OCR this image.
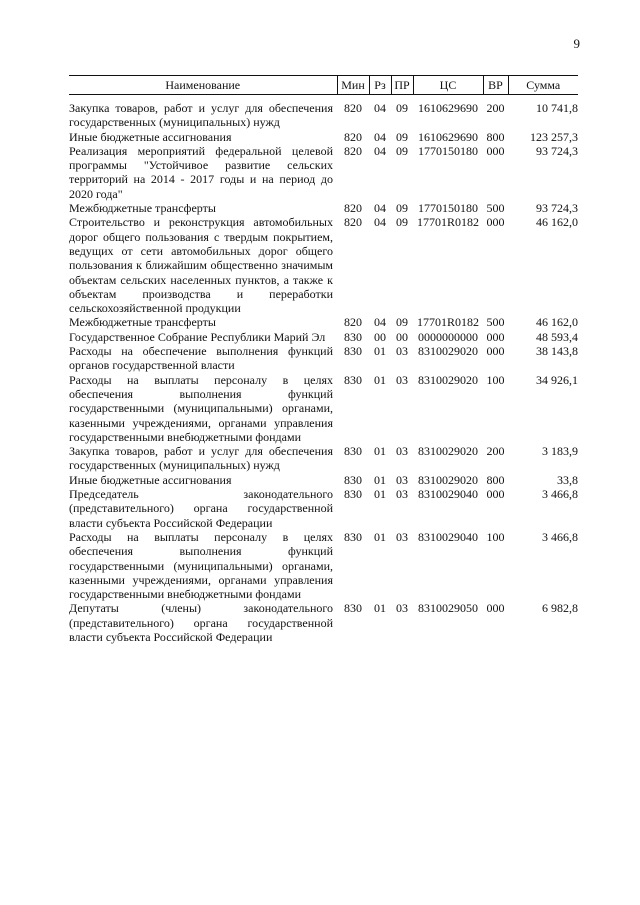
9
Наименование	Мин	Рз	ПР	ЦС	ВР	Сумма
Закупка товаров, работ и услуг для обеспечения государственных (муниципальных) нужд	820	04	09	1610629690	200	10 741,8
Иные бюджетные ассигнования	820	04	09	1610629690	800	123 257,3
Реализация мероприятий федеральной целевой программы "Устойчивое развитие сельских территорий на 2014 - 2017 годы и на период до 2020 года"	820	04	09	1770150180	000	93 724,3
Межбюджетные трансферты	820	04	09	1770150180	500	93 724,3
Строительство и реконструкция автомобильных дорог общего пользования с твердым покрытием, ведущих от сети автомобильных дорог общего пользования к ближайшим общественно значимым объектам сельских населенных пунктов, а также к объектам производства и переработки сельскохозяйственной продукции	820	04	09	17701R0182	000	46 162,0
Межбюджетные трансферты	820	04	09	17701R0182	500	46 162,0
Государственное Собрание Республики Марий Эл	830	00	00	0000000000	000	48 593,4
Расходы на обеспечение выполнения функций органов государственной власти	830	01	03	8310029020	000	38 143,8
Расходы на выплаты персоналу в целях обеспечения выполнения функций государственными (муниципальными) органами, казенными учреждениями, органами управления государственными внебюджетными фондами	830	01	03	8310029020	100	34 926,1
Закупка товаров, работ и услуг для обеспечения государственных (муниципальных) нужд	830	01	03	8310029020	200	3 183,9
Иные бюджетные ассигнования	830	01	03	8310029020	800	33,8
Председатель законодательного (представительного) органа государственной власти субъекта Российской Федерации	830	01	03	8310029040	000	3 466,8
Расходы на выплаты персоналу в целях обеспечения выполнения функций государственными (муниципальными) органами, казенными учреждениями, органами управления государственными внебюджетными фондами	830	01	03	8310029040	100	3 466,8
Депутаты (члены) законодательного (представительного) органа государственной власти субъекта Российской Федерации	830	01	03	8310029050	000	6 982,8
